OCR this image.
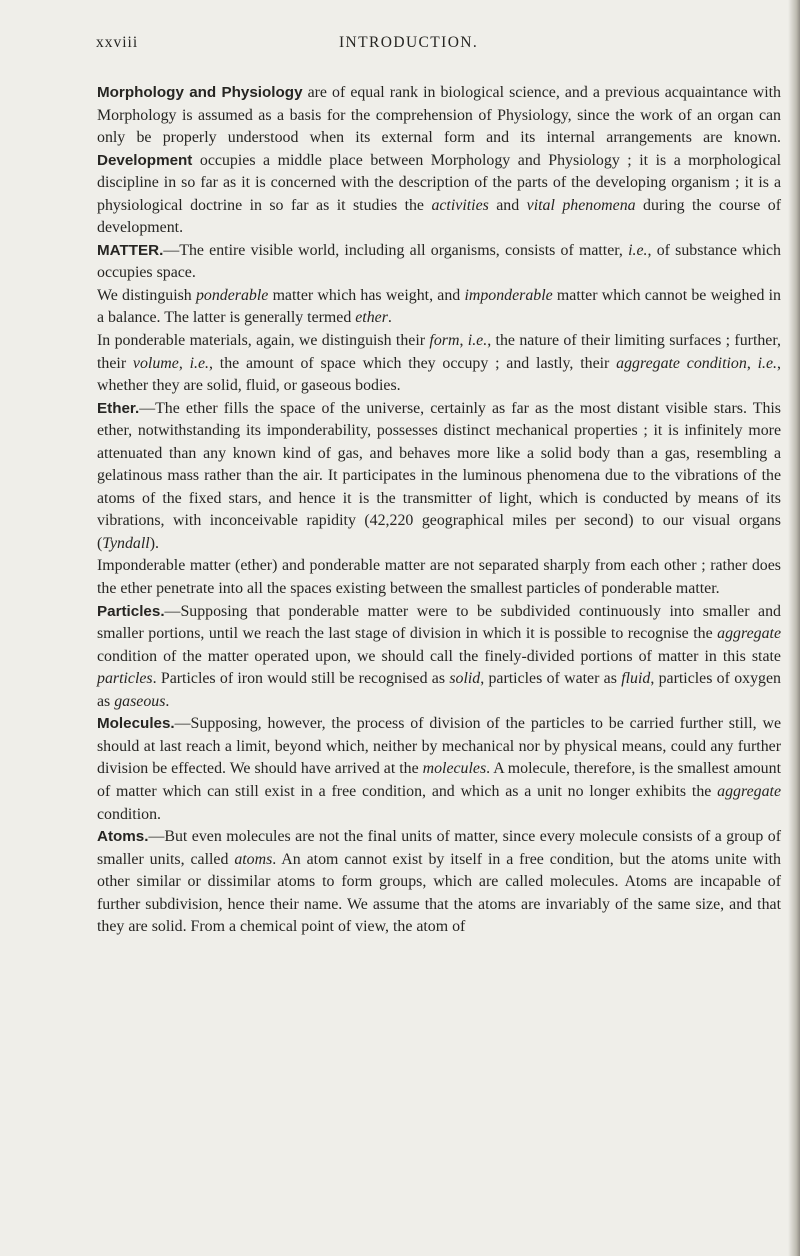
xxviii	INTRODUCTION.

Morphology and Physiology are of equal rank in biological science, and a previous acquaintance with Morphology is assumed as a basis for the comprehension of Physiology, since the work of an organ can only be properly understood when its external form and its internal arrangements are known. Development occupies a middle place between Morphology and Physiology ; it is a morphological discipline in so far as it is concerned with the description of the parts of the developing organism ; it is a physiological doctrine in so far as it studies the activities and vital phenomena during the course of development.

MATTER.—The entire visible world, including all organisms, consists of matter, i.e., of substance which occupies space.

We distinguish ponderable matter which has weight, and imponderable matter which cannot be weighed in a balance. The latter is generally termed ether.

In ponderable materials, again, we distinguish their form, i.e., the nature of their limiting surfaces ; further, their volume, i.e., the amount of space which they occupy ; and lastly, their aggregate condition, i.e., whether they are solid, fluid, or gaseous bodies.

Ether.—The ether fills the space of the universe, certainly as far as the most distant visible stars. This ether, notwithstanding its imponderability, possesses distinct mechanical properties ; it is infinitely more attenuated than any known kind of gas, and behaves more like a solid body than a gas, resembling a gelatinous mass rather than the air. It participates in the luminous phenomena due to the vibrations of the atoms of the fixed stars, and hence it is the transmitter of light, which is conducted by means of its vibrations, with inconceivable rapidity (42,220 geographical miles per second) to our visual organs (Tyndall).

Imponderable matter (ether) and ponderable matter are not separated sharply from each other ; rather does the ether penetrate into all the spaces existing between the smallest particles of ponderable matter.

Particles.—Supposing that ponderable matter were to be subdivided continuously into smaller and smaller portions, until we reach the last stage of division in which it is possible to recognise the aggregate condition of the matter operated upon, we should call the finely-divided portions of matter in this state particles. Particles of iron would still be recognised as solid, particles of water as fluid, particles of oxygen as gaseous.

Molecules.—Supposing, however, the process of division of the particles to be carried further still, we should at last reach a limit, beyond which, neither by mechanical nor by physical means, could any further division be effected. We should have arrived at the molecules. A molecule, therefore, is the smallest amount of matter which can still exist in a free condition, and which as a unit no longer exhibits the aggregate condition.

Atoms.—But even molecules are not the final units of matter, since every molecule consists of a group of smaller units, called atoms. An atom cannot exist by itself in a free condition, but the atoms unite with other similar or dissimilar atoms to form groups, which are called molecules. Atoms are incapable of further subdivision, hence their name. We assume that the atoms are invariably of the same size, and that they are solid. From a chemical point of view, the atom of
